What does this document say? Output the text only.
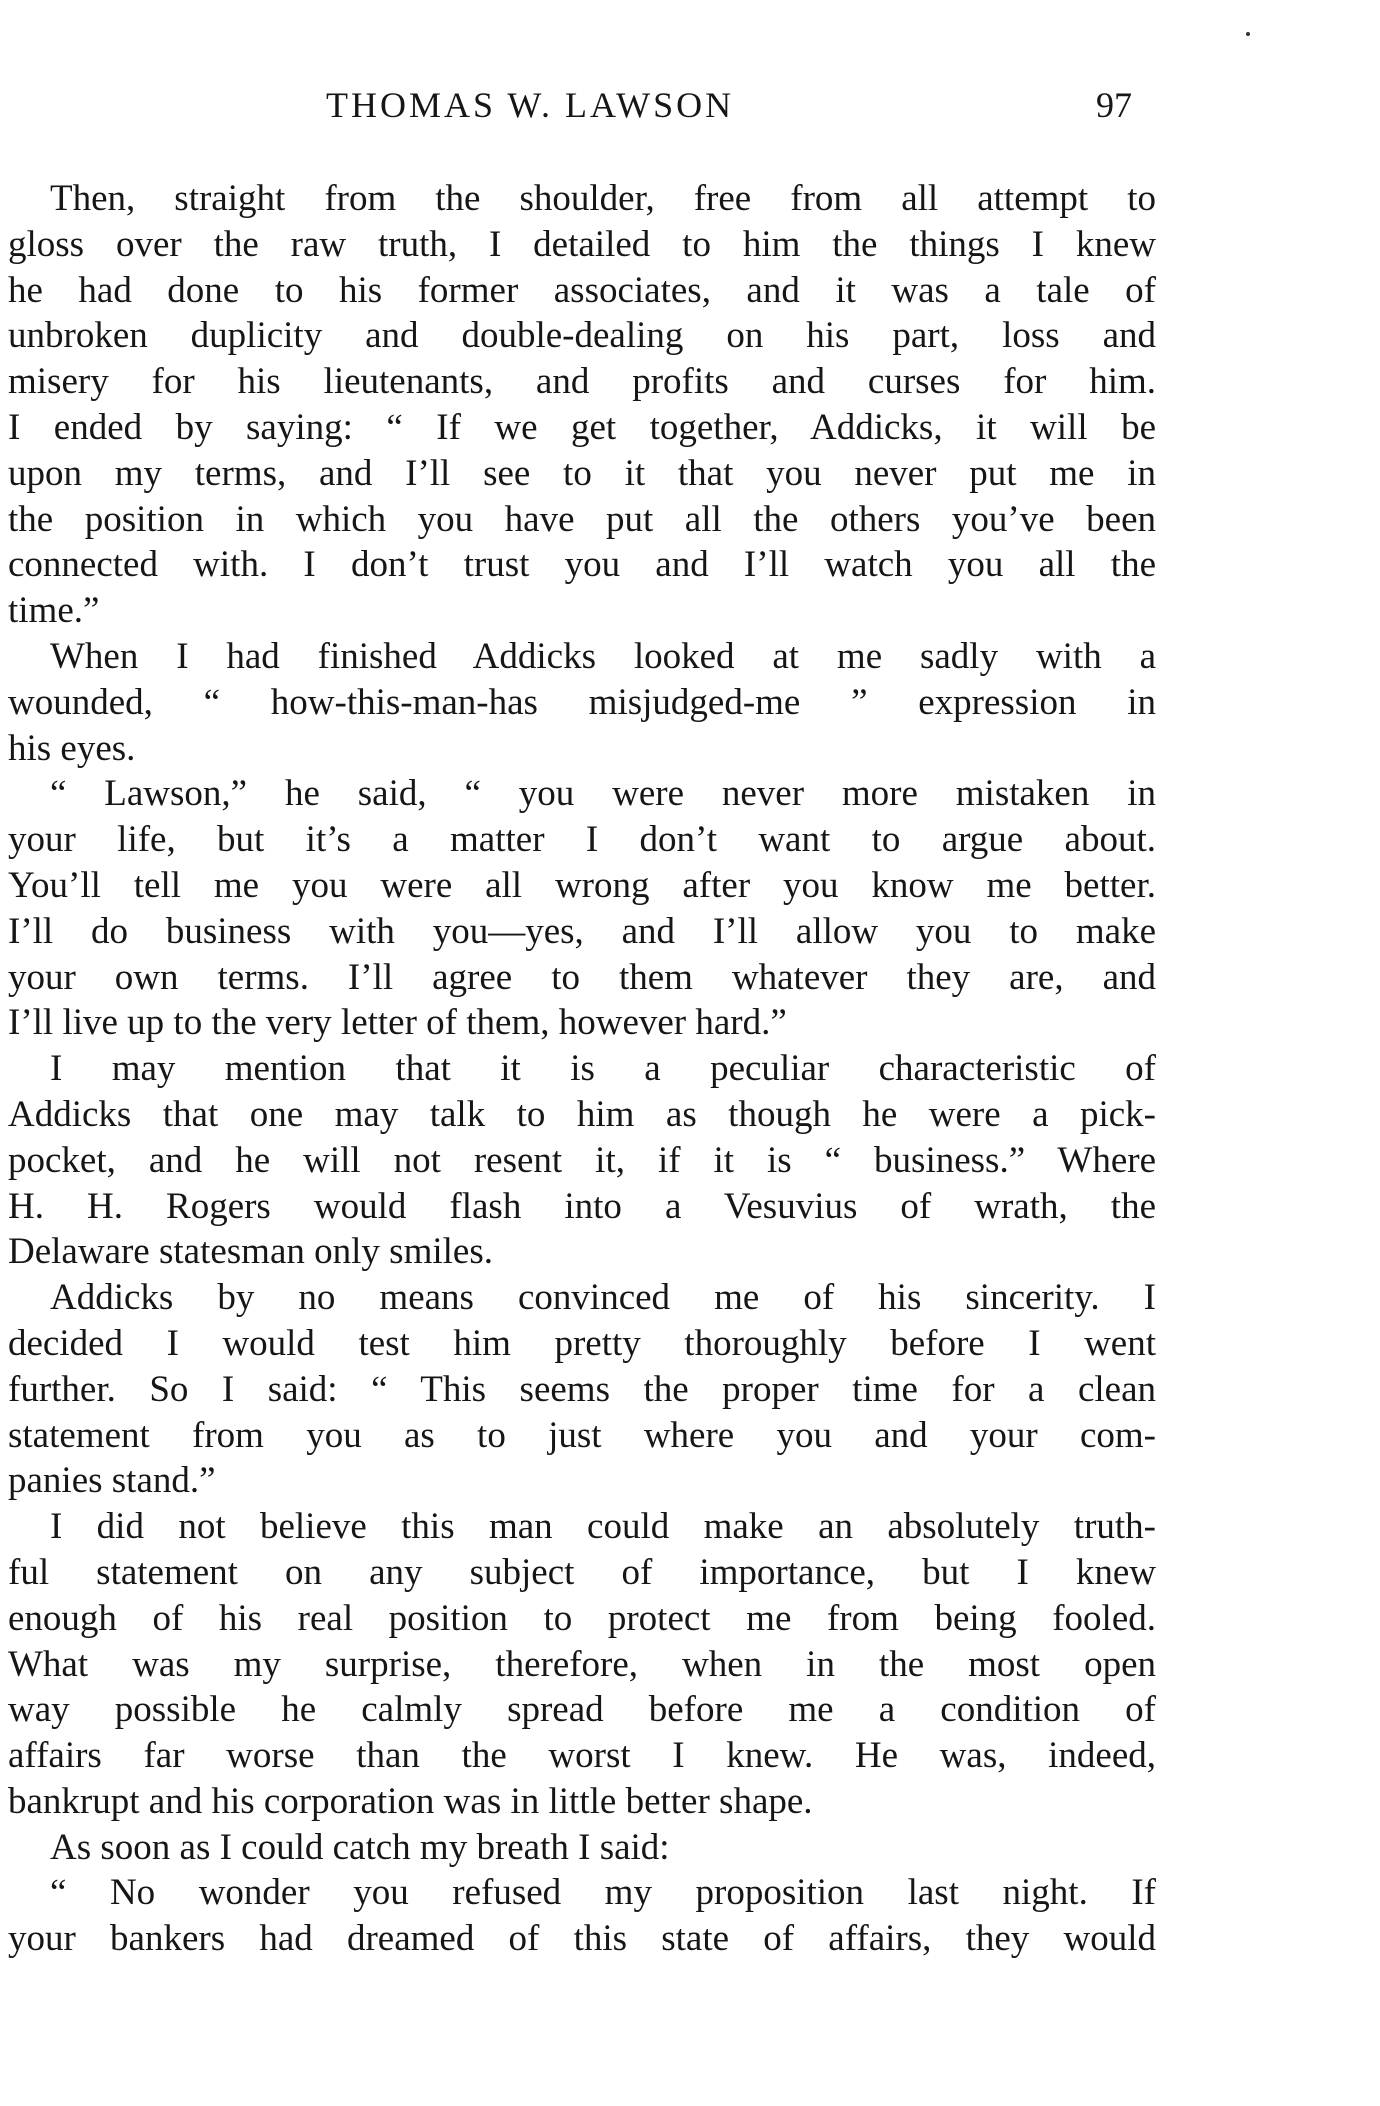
THOMAS W. LAWSON	97

Then, straight from the shoulder, free from all attempt to
gloss over the raw truth, I detailed to him the things I knew
he had done to his former associates, and it was a tale of
unbroken duplicity and double-dealing on his part, loss and
misery for his lieutenants, and profits and curses for him.
I ended by saying: “ If we get together, Addicks, it will be
upon my terms, and I’ll see to it that you never put me in
the position in which you have put all the others you’ve been
connected with. I don’t trust you and I’ll watch you all the
time.”

When I had finished Addicks looked at me sadly with a
wounded, “ how-this-man-has misjudged-me ” expression in
his eyes.

“ Lawson,” he said, “ you were never more mistaken in
your life, but it’s a matter I don’t want to argue about.
You’ll tell me you were all wrong after you know me better.
I’ll do business with you—yes, and I’ll allow you to make
your own terms. I’ll agree to them whatever they are, and
I’ll live up to the very letter of them, however hard.”

I may mention that it is a peculiar characteristic of
Addicks that one may talk to him as though he were a pick-
pocket, and he will not resent it, if it is “ business.” Where
H. H. Rogers would flash into a Vesuvius of wrath, the
Delaware statesman only smiles.

Addicks by no means convinced me of his sincerity. I
decided I would test him pretty thoroughly before I went
further. So I said: “ This seems the proper time for a clean
statement from you as to just where you and your com-
panies stand.”

I did not believe this man could make an absolutely truth-
ful statement on any subject of importance, but I knew
enough of his real position to protect me from being fooled.
What was my surprise, therefore, when in the most open
way possible he calmly spread before me a condition of
affairs far worse than the worst I knew. He was, indeed,
bankrupt and his corporation was in little better shape.

As soon as I could catch my breath I said:

“ No wonder you refused my proposition last night. If
your bankers had dreamed of this state of affairs, they would
